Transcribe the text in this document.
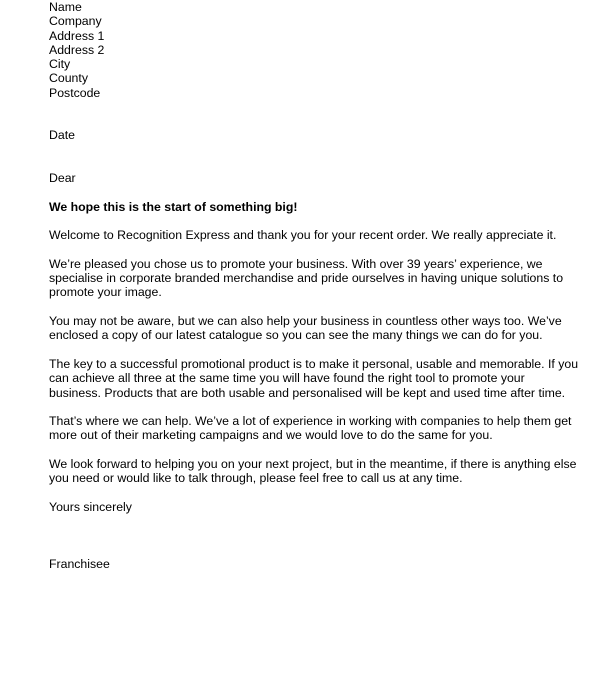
Name
Company
Address 1
Address 2
City
County
Postcode
Date
Dear
We hope this is the start of something big!

Welcome to Recognition Express and thank you for your recent order. We really appreciate it.

We’re pleased you chose us to promote your business. With over 39 years’ experience, we specialise in corporate branded merchandise and pride ourselves in having unique solutions to promote your image.

You may not be aware, but we can also help your business in countless other ways too. We’ve enclosed a copy of our latest catalogue so you can see the many things we can do for you.

The key to a successful promotional product is to make it personal, usable and memorable. If you can achieve all three at the same time you will have found the right tool to promote your business. Products that are both usable and personalised will be kept and used time after time.

That’s where we can help. We’ve a lot of experience in working with companies to help them get more out of their marketing campaigns and we would love to do the same for you.

We look forward to helping you on your next project, but in the meantime, if there is anything else you need or would like to talk through, please feel free to call us at any time.

Yours sincerely
Franchisee
